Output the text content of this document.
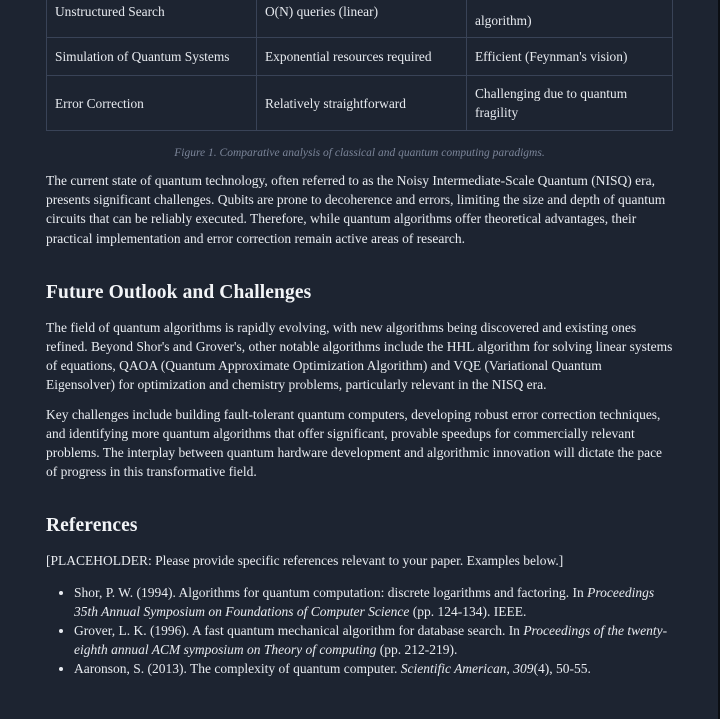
Unstructured Search	O(N) queries (linear)	algorithm)
Simulation of Quantum Systems	Exponential resources required	Efficient (Feynman's vision)
Error Correction	Relatively straightforward	Challenging due to quantum fragility
Figure 1. Comparative analysis of classical and quantum computing paradigms.

The current state of quantum technology, often referred to as the Noisy Intermediate-Scale Quantum (NISQ) era, presents significant challenges. Qubits are prone to decoherence and errors, limiting the size and depth of quantum circuits that can be reliably executed. Therefore, while quantum algorithms offer theoretical advantages, their practical implementation and error correction remain active areas of research.

Future Outlook and Challenges

The field of quantum algorithms is rapidly evolving, with new algorithms being discovered and existing ones refined. Beyond Shor's and Grover's, other notable algorithms include the HHL algorithm for solving linear systems of equations, QAOA (Quantum Approximate Optimization Algorithm) and VQE (Variational Quantum Eigensolver) for optimization and chemistry problems, particularly relevant in the NISQ era.

Key challenges include building fault-tolerant quantum computers, developing robust error correction techniques, and identifying more quantum algorithms that offer significant, provable speedups for commercially relevant problems. The interplay between quantum hardware development and algorithmic innovation will dictate the pace of progress in this transformative field.

References

[PLACEHOLDER: Please provide specific references relevant to your paper. Examples below.]

• Shor, P. W. (1994). Algorithms for quantum computation: discrete logarithms and factoring. In Proceedings 35th Annual Symposium on Foundations of Computer Science (pp. 124-134). IEEE.
• Grover, L. K. (1996). A fast quantum mechanical algorithm for database search. In Proceedings of the twenty-eighth annual ACM symposium on Theory of computing (pp. 212-219).
• Aaronson, S. (2013). The complexity of quantum computer. Scientific American, 309(4), 50-55.
